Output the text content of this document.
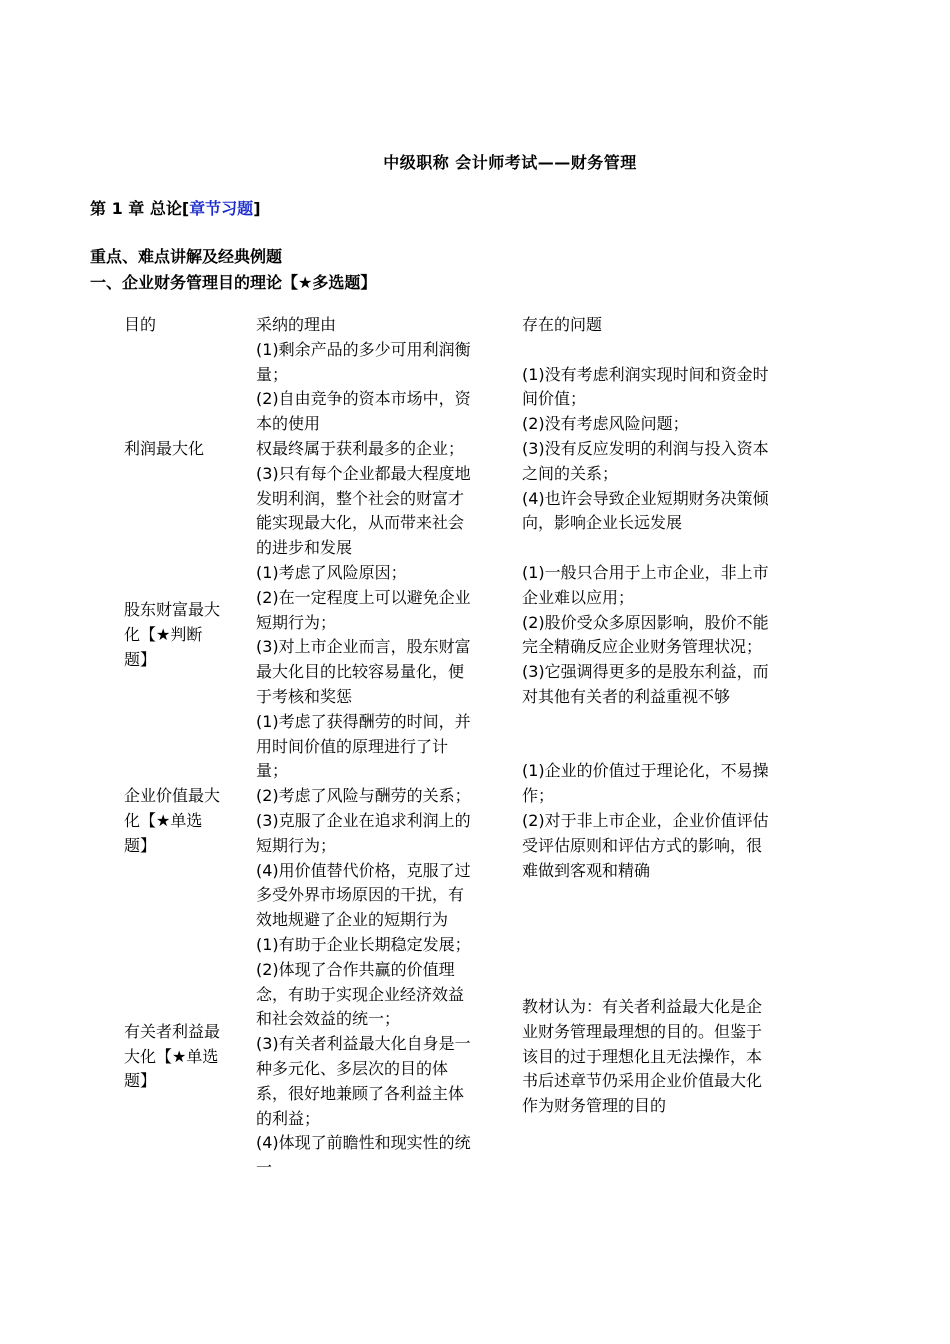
中级职称 会计师考试——财务管理
第 1 章 总论[章节习题]
重点、难点讲解及经典例题
一、企业财务管理目的理论【★多选题】
目的	采纳的理由	存在的问题
利润最大化
(1)剩余产品的多少可用利润衡
量；
(2)自由竞争的资本市场中，资
本的使用
权最终属于获利最多的企业；
(3)只有每个企业都最大程度地
发明利润，整个社会的财富才
能实现最大化，从而带来社会
的进步和发展
(1)没有考虑利润实现时间和资金时
间价值；
(2)没有考虑风险问题；
(3)没有反应发明的利润与投入资本
之间的关系；
(4)也许会导致企业短期财务决策倾
向，影响企业长远发展
股东财富最大
化【★判断
题】
(1)考虑了风险原因；
(2)在一定程度上可以避免企业
短期行为；
(3)对上市企业而言，股东财富
最大化目的比较容易量化，便
于考核和奖惩
(1)一般只合用于上市企业，非上市
企业难以应用；
(2)股价受众多原因影响，股价不能
完全精确反应企业财务管理状况；
(3)它强调得更多的是股东利益，而
对其他有关者的利益重视不够
企业价值最大
化【★单选
题】
(1)考虑了获得酬劳的时间，并
用时间价值的原理进行了计
量；
(2)考虑了风险与酬劳的关系；
(3)克服了企业在追求利润上的
短期行为；
(4)用价值替代价格，克服了过
多受外界市场原因的干扰，有
效地规避了企业的短期行为
(1)企业的价值过于理论化，不易操
作；
(2)对于非上市企业，企业价值评估
受评估原则和评估方式的影响，很
难做到客观和精确
有关者利益最
大化【★单选
题】
(1)有助于企业长期稳定发展；
(2)体现了合作共赢的价值理
念，有助于实现企业经济效益
和社会效益的统一；
(3)有关者利益最大化自身是一
种多元化、多层次的目的体
系，很好地兼顾了各利益主体
的利益；
(4)体现了前瞻性和现实性的统
一
教材认为：有关者利益最大化是企
业财务管理最理想的目的。但鉴于
该目的过于理想化且无法操作，本
书后述章节仍采用企业价值最大化
作为财务管理的目的
